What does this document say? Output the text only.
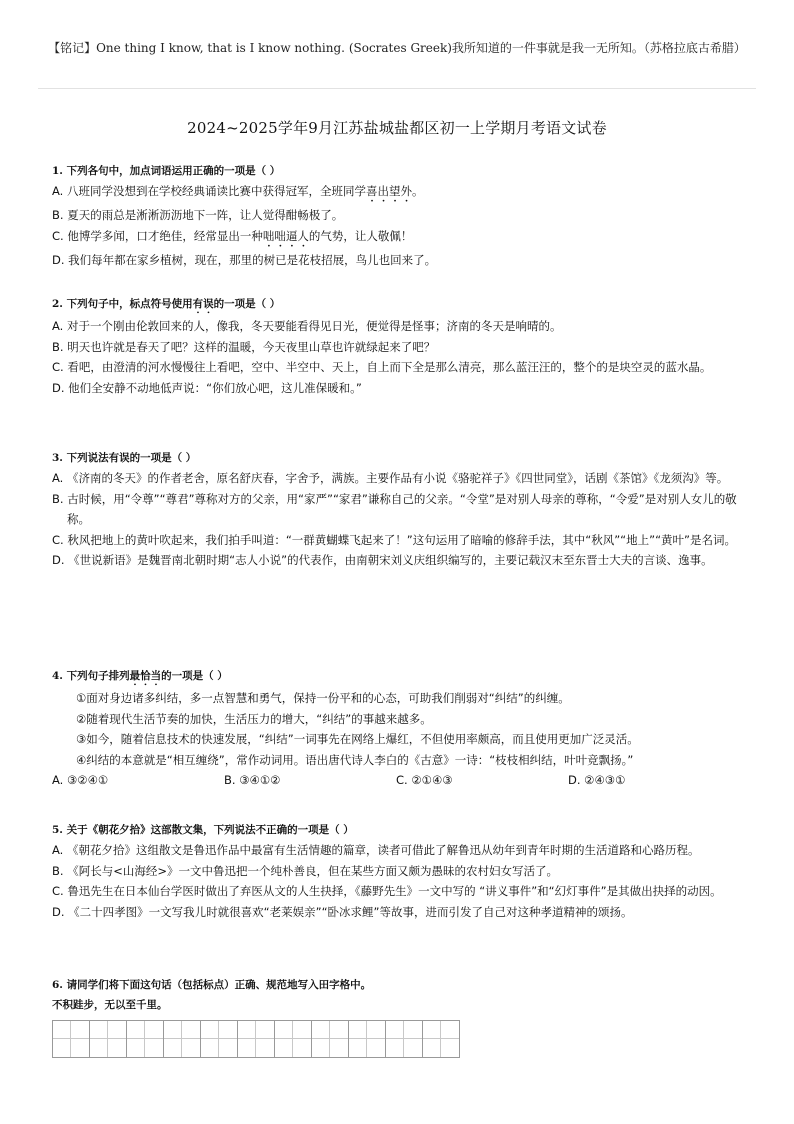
【铭记】One thing I know, that is I know nothing. (Socrates Greek)我所知道的一件事就是我一无所知。（苏格拉底古希腊）

2024~2025学年9月江苏盐城盐都区初一上学期月考语文试卷

1. 下列各句中，加点词语运用正确的一项是（ ）

A. 八班同学没想到在学校经典诵读比赛中获得冠军，全班同学喜出望外。

B. 夏天的雨总是淅淅沥沥地下一阵，让人觉得酣畅极了。

C. 他博学多闻，口才绝佳，经常显出一种咄咄逼人的气势，让人敬佩！

D. 我们每年都在家乡植树，现在，那里的树已是花枝招展，鸟儿也回来了。

2. 下列句子中，标点符号使用有误的一项是（ ）

A. 对于一个刚由伦敦回来的人，像我，冬天要能看得见日光，便觉得是怪事；济南的冬天是响晴的。

B. 明天也许就是春天了吧？这样的温暖，今天夜里山草也许就绿起来了吧？

C. 看吧，由澄清的河水慢慢往上看吧，空中、半空中、天上，自上而下全是那么清亮，那么蓝汪汪的，整个的是块空灵的蓝水晶。

D. 他们全安静不动地低声说：“你们放心吧，这儿准保暖和。”

3. 下列说法有误的一项是（ ）

A. 《济南的冬天》的作者老舍，原名舒庆春，字舍予，满族。主要作品有小说《骆驼祥子》《四世同堂》，话剧《茶馆》《龙须沟》等。

B. 古时候，用“令尊”“尊君”尊称对方的父亲，用“家严”“家君”谦称自己的父亲。“令堂”是对别人母亲的尊称，“令爱”是对别人女儿的敬称。

C. 秋风把地上的黄叶吹起来，我们拍手叫道：“一群黄蝴蝶飞起来了！”这句运用了暗喻的修辞手法，其中“秋风”“地上”“黄叶”是名词。

D. 《世说新语》是魏晋南北朝时期“志人小说”的代表作，由南朝宋刘义庆组织编写的，主要记载汉末至东晋士大夫的言谈、逸事。

4. 下列句子排列最恰当的一项是（ ）

①面对身边诸多纠结，多一点智慧和勇气，保持一份平和的心态，可助我们削弱对“纠结”的纠缠。

②随着现代生活节奏的加快，生活压力的增大，“纠结”的事越来越多。

③如今，随着信息技术的快速发展，“纠结”一词事先在网络上爆红，不但使用率颇高，而且使用更加广泛灵活。

④纠结的本意就是“相互缠绕”，常作动词用。语出唐代诗人李白的《古意》一诗：“枝枝相纠结，叶叶竞飘扬。”

A. ③②④①	B. ③④①②	C. ②①④③	D. ②④③①

5. 关于《朝花夕拾》这部散文集，下列说法不正确的一项是（ ）

A. 《朝花夕拾》这组散文是鲁迅作品中最富有生活情趣的篇章，读者可借此了解鲁迅从幼年到青年时期的生活道路和心路历程。

B. 《阿长与<山海经>》一文中鲁迅把一个纯朴善良，但在某些方面又颇为愚昧的农村妇女写活了。

C. 鲁迅先生在日本仙台学医时做出了弃医从文的人生抉择，《藤野先生》一文中写的 “讲义事件”和“幻灯事件”是其做出抉择的动因。

D. 《二十四孝图》一文写我儿时就很喜欢“老莱娱亲”“卧冰求鲤”等故事，进而引发了自己对这种孝道精神的颂扬。

6. 请同学们将下面这句话（包括标点）正确、规范地写入田字格中。

不积跬步，无以至千里。
